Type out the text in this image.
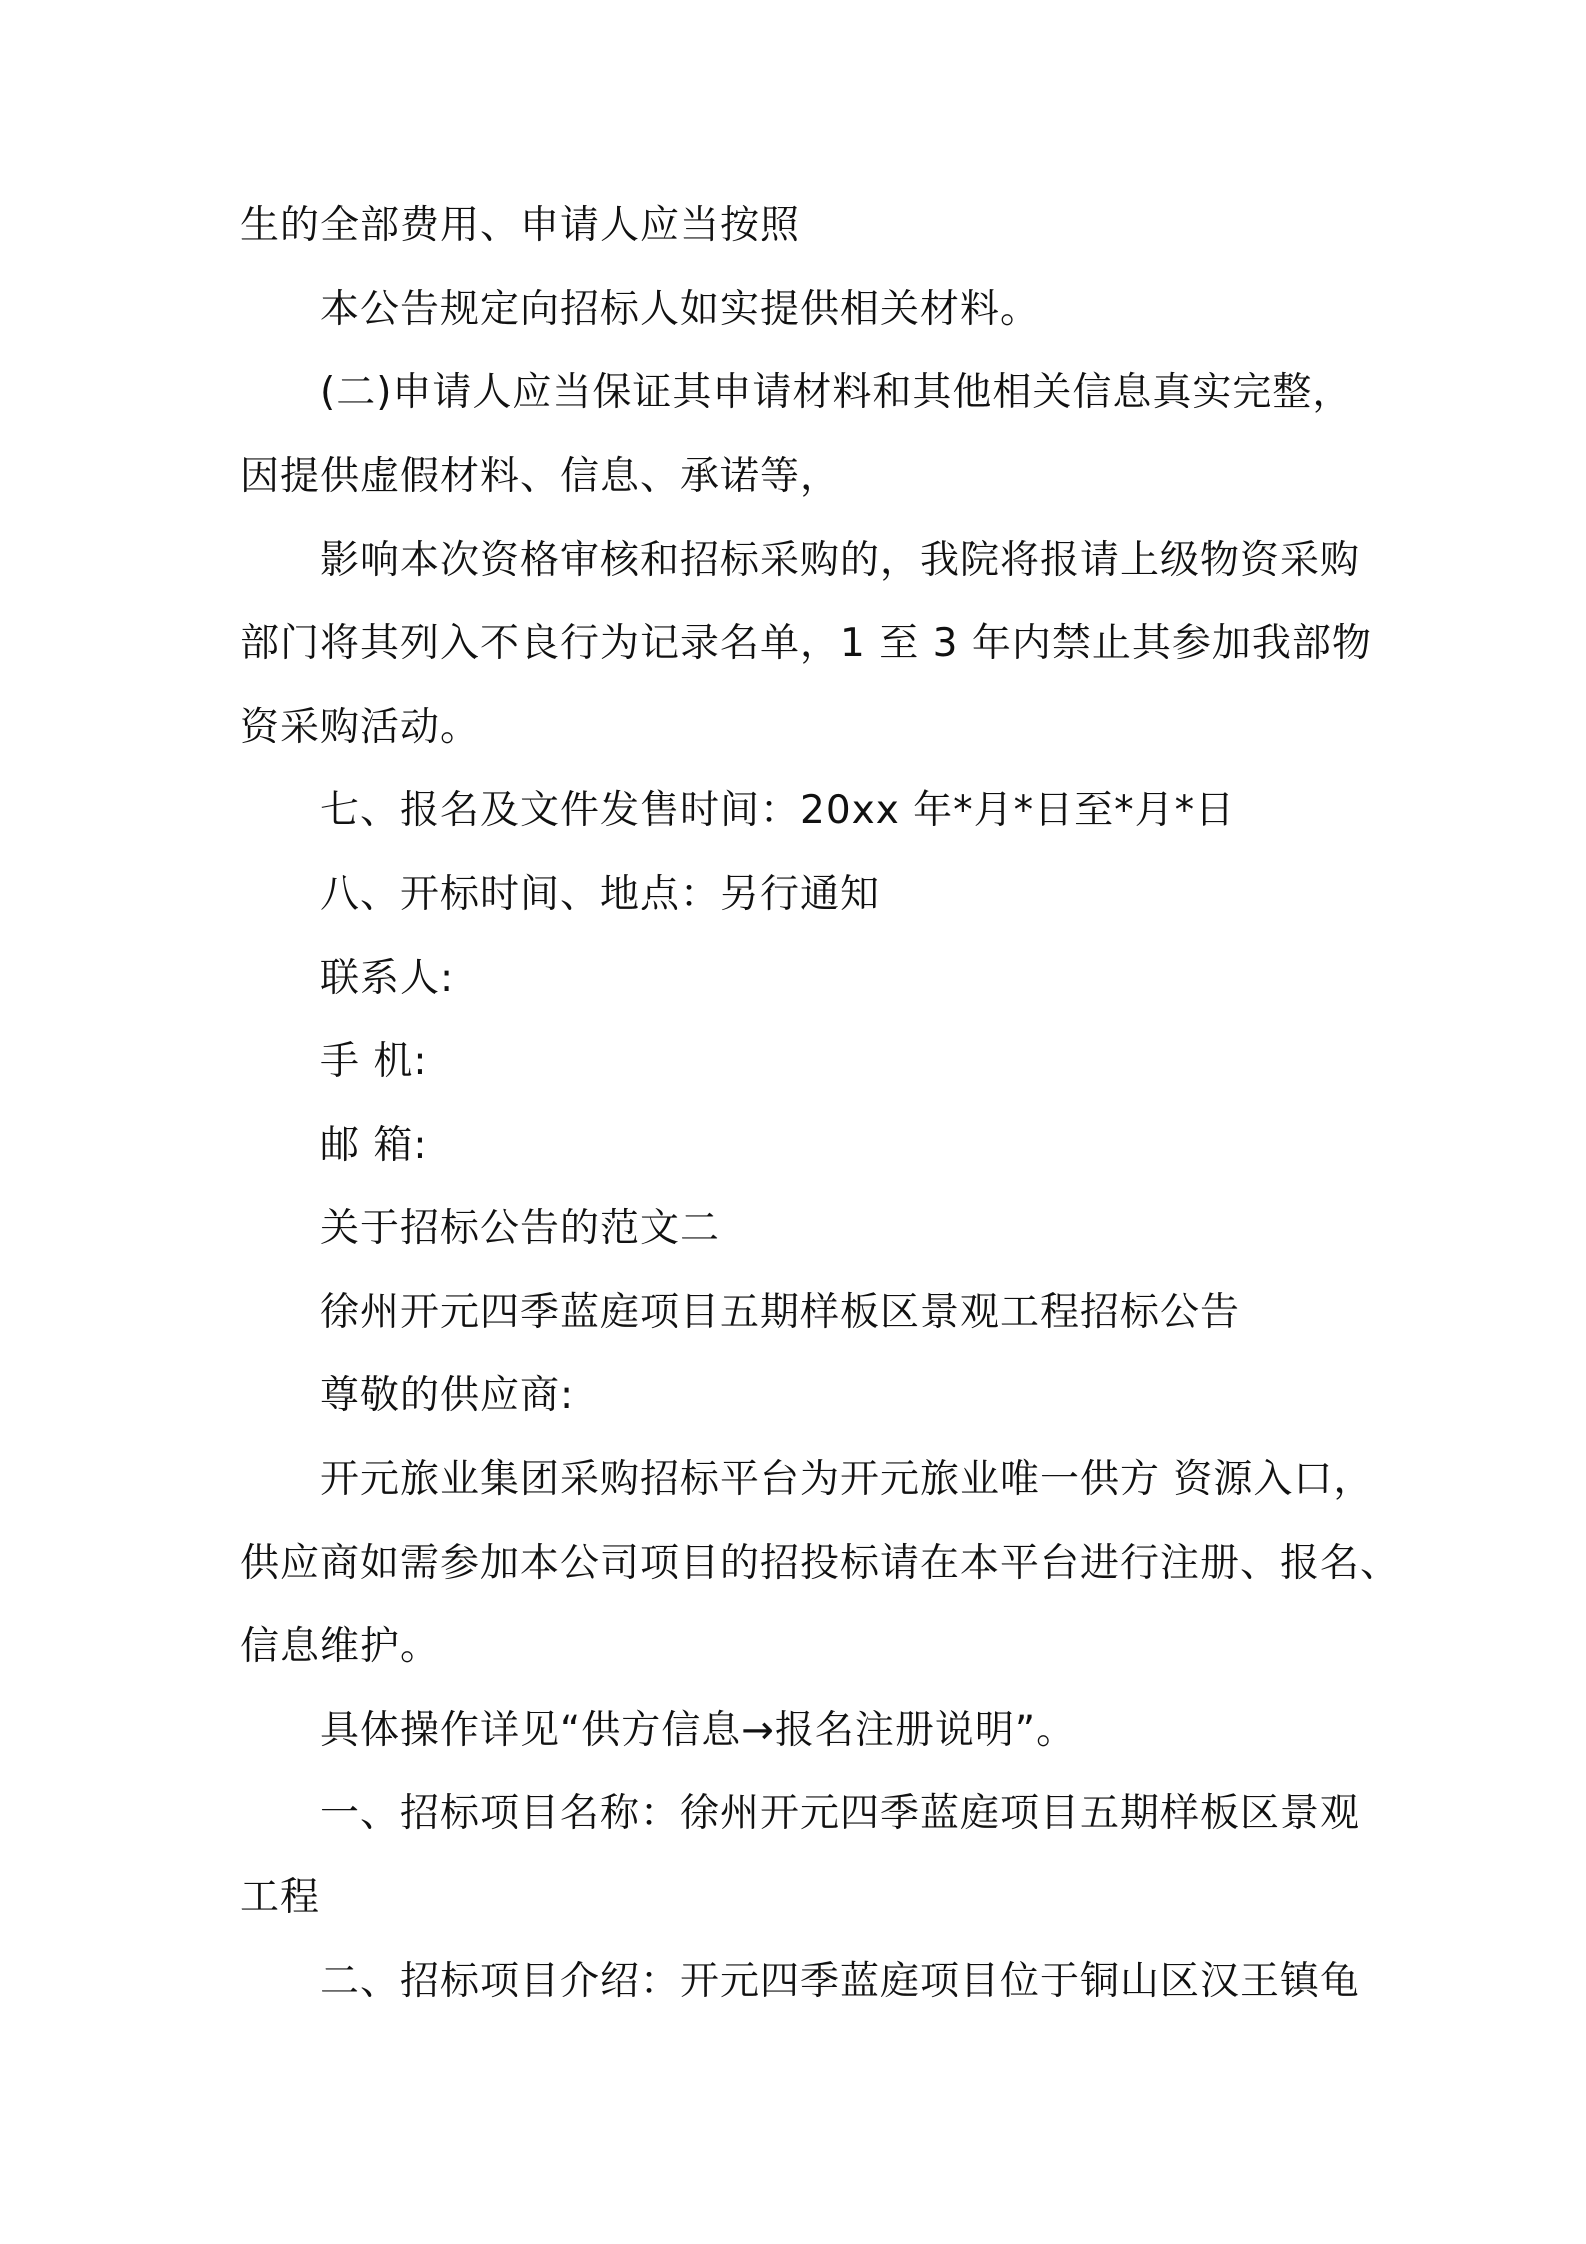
生的全部费用、申请人应当按照
本公告规定向招标人如实提供相关材料。
(二)申请人应当保证其申请材料和其他相关信息真实完整，
因提供虚假材料、信息、承诺等，
影响本次资格审核和招标采购的，我院将报请上级物资采购
部门将其列入不良行为记录名单，1 至 3 年内禁止其参加我部物
资采购活动。
七、报名及文件发售时间：20xx 年*月*日至*月*日
八、开标时间、地点：另行通知
联系人:
手 机:
邮 箱:
关于招标公告的范文二
徐州开元四季蓝庭项目五期样板区景观工程招标公告
尊敬的供应商:
开元旅业集团采购招标平台为开元旅业唯一供方 资源入口，
供应商如需参加本公司项目的招投标请在本平台进行注册、报名、
信息维护。
具体操作详见“供方信息→报名注册说明”。
一、招标项目名称：徐州开元四季蓝庭项目五期样板区景观
工程
二、招标项目介绍：开元四季蓝庭项目位于铜山区汉王镇龟
